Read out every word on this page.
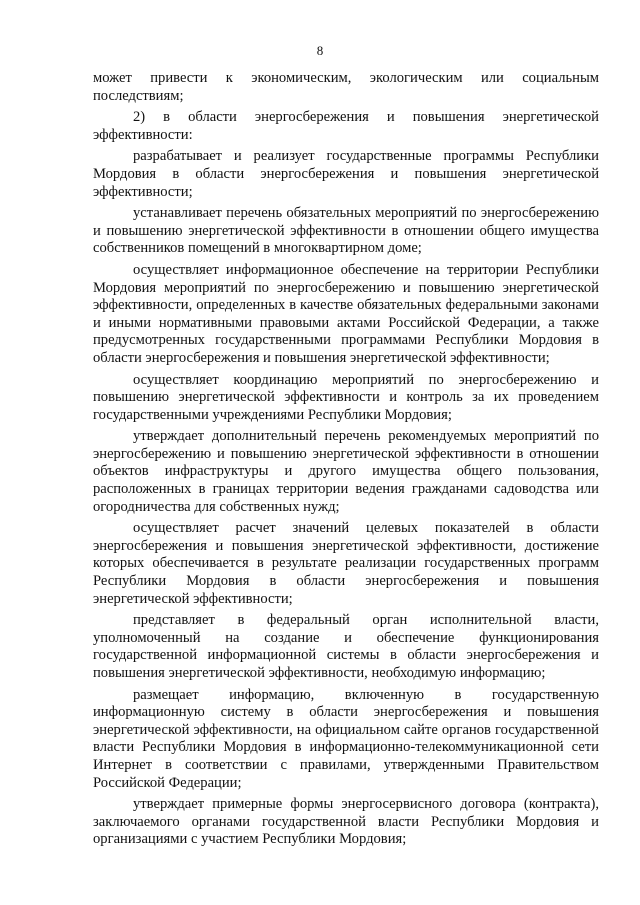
8

может привести к экономическим, экологическим или социальным последствиям;

2) в области энергосбережения и повышения энергетической эффективности:

разрабатывает и реализует государственные программы Республики Мордовия в области энергосбережения и повышения энергетической эффективности;

устанавливает перечень обязательных мероприятий по энергосбережению и повышению энергетической эффективности в отношении общего имущества собственников помещений в многоквартирном доме;

осуществляет информационное обеспечение на территории Республики Мордовия мероприятий по энергосбережению и повышению энергетической эффективности, определенных в качестве обязательных федеральными законами и иными нормативными правовыми актами Российской Федерации, а также предусмотренных государственными программами Республики Мордовия в области энергосбережения и повышения энергетической эффективности;

осуществляет координацию мероприятий по энергосбережению и повышению энергетической эффективности и контроль за их проведением государственными учреждениями Республики Мордовия;

утверждает дополнительный перечень рекомендуемых мероприятий по энергосбережению и повышению энергетической эффективности в отношении объектов инфраструктуры и другого имущества общего пользования, расположенных в границах территории ведения гражданами садоводства или огородничества для собственных нужд;

осуществляет расчет значений целевых показателей в области энергосбережения и повышения энергетической эффективности, достижение которых обеспечивается в результате реализации государственных программ Республики Мордовия в области энергосбережения и повышения энергетической эффективности;

представляет в федеральный орган исполнительной власти, уполномоченный на создание и обеспечение функционирования государственной информационной системы в области энергосбережения и повышения энергетической эффективности, необходимую информацию;

размещает информацию, включенную в государственную информационную систему в области энергосбережения и повышения энергетической эффективности, на официальном сайте органов государственной власти Республики Мордовия в информационно-телекоммуникационной сети Интернет в соответствии с правилами, утвержденными Правительством Российской Федерации;

утверждает примерные формы энергосервисного договора (контракта), заключаемого органами государственной власти Республики Мордовия и организациями с участием Республики Мордовия;
